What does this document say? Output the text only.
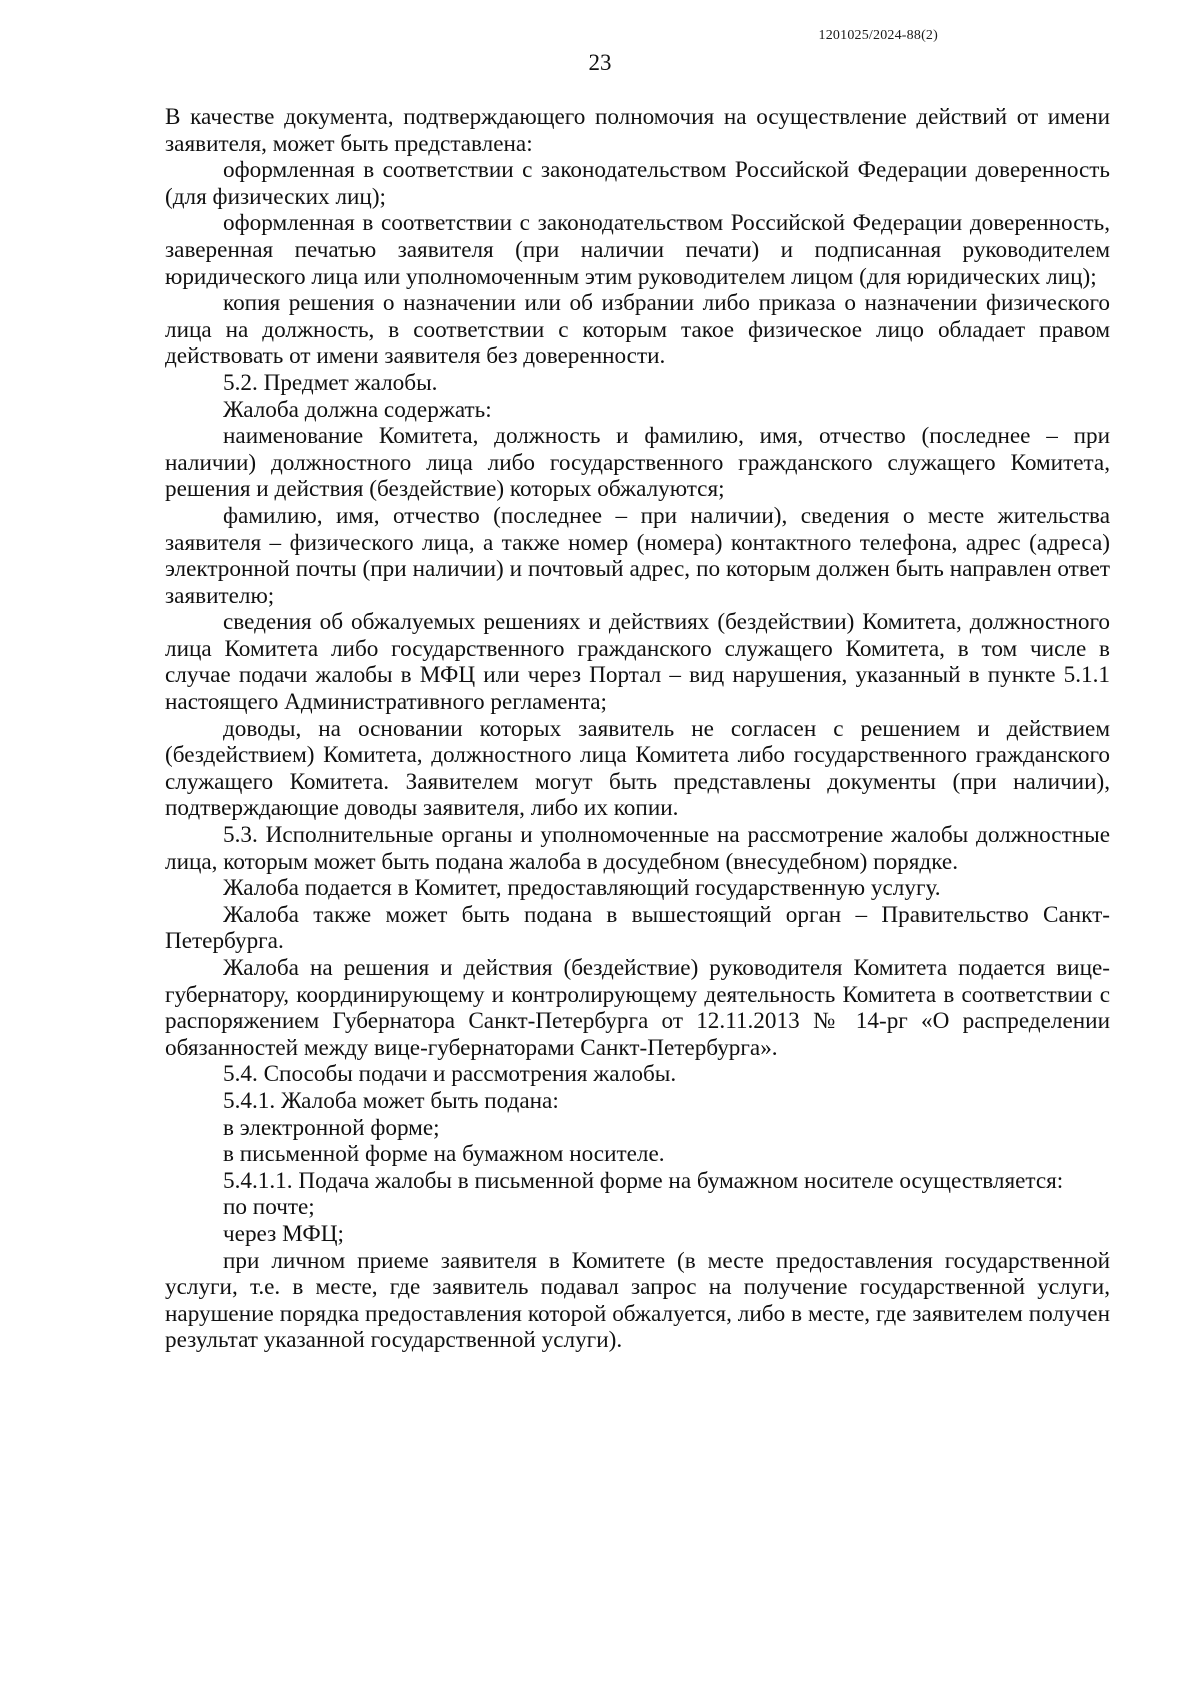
1201025/2024-88(2)
23

В качестве документа, подтверждающего полномочия на осуществление действий от имени заявителя, может быть представлена:

оформленная в соответствии с законодательством Российской Федерации доверенность (для физических лиц);

оформленная в соответствии с законодательством Российской Федерации доверенность, заверенная печатью заявителя (при наличии печати) и подписанная руководителем юридического лица или уполномоченным этим руководителем лицом (для юридических лиц);

копия решения о назначении или об избрании либо приказа о назначении физического лица на должность, в соответствии с которым такое физическое лицо обладает правом действовать от имени заявителя без доверенности.

5.2. Предмет жалобы.

Жалоба должна содержать:

наименование Комитета, должность и фамилию, имя, отчество (последнее – при наличии) должностного лица либо государственного гражданского служащего Комитета, решения и действия (бездействие) которых обжалуются;

фамилию, имя, отчество (последнее – при наличии), сведения о месте жительства заявителя – физического лица, а также номер (номера) контактного телефона, адрес (адреса) электронной почты (при наличии) и почтовый адрес, по которым должен быть направлен ответ заявителю;

сведения об обжалуемых решениях и действиях (бездействии) Комитета, должностного лица Комитета либо государственного гражданского служащего Комитета, в том числе в случае подачи жалобы в МФЦ или через Портал – вид нарушения, указанный в пункте 5.1.1 настоящего Административного регламента;

доводы, на основании которых заявитель не согласен с решением и действием (бездействием) Комитета, должностного лица Комитета либо государственного гражданского служащего Комитета. Заявителем могут быть представлены документы (при наличии), подтверждающие доводы заявителя, либо их копии.

5.3. Исполнительные органы и уполномоченные на рассмотрение жалобы должностные лица, которым может быть подана жалоба в досудебном (внесудебном) порядке.

Жалоба подается в Комитет, предоставляющий государственную услугу.

Жалоба также может быть подана в вышестоящий орган – Правительство Санкт-Петербурга.

Жалоба на решения и действия (бездействие) руководителя Комитета подается вице-губернатору, координирующему и контролирующему деятельность Комитета в соответствии с распоряжением Губернатора Санкт-Петербурга от 12.11.2013 № 14-рг «О распределении обязанностей между вице-губернаторами Санкт-Петербурга».

5.4. Способы подачи и рассмотрения жалобы.

5.4.1. Жалоба может быть подана:

в электронной форме;

в письменной форме на бумажном носителе.

5.4.1.1. Подача жалобы в письменной форме на бумажном носителе осуществляется:

по почте;

через МФЦ;

при личном приеме заявителя в Комитете (в месте предоставления государственной услуги, т.е. в месте, где заявитель подавал запрос на получение государственной услуги, нарушение порядка предоставления которой обжалуется, либо в месте, где заявителем получен результат указанной государственной услуги).
